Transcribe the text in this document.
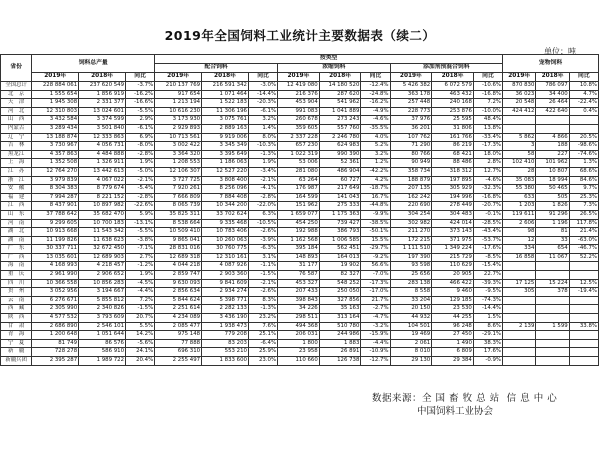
2019年全国饲料工业统计主要数据表（续二）
单位：吨
省份	饲料总产量			按类型									宠物饲料		
				配合饲料			浓缩饲料			添加剂预混合饲料					
	2019年	2018年	同比	2019年	2018年	同比	2019年	2018年	同比	2019年	2018年	同比	2019年	2018年	同比
全国总计	228 884 061	237 620 549	-3.7%	210 137 769	216 591 342	-3.0%	12 419 080	14 180 520	-12.4%	5 426 382	6 072 579	-10.6%	870 830	786 097	10.8%
北　京	1 555 654	1 856 919	-16.2%	917 654	1 071 464	-14.4%	216 376	287 620	-24.8%	363 178	463 432	-16.8%	36 023	34 400	4.7%
天　津	1 945 308	2 331 377	-16.6%	1 213 194	1 522 183	-20.3%	453 904	541 962	-16.2%	257 448	240 168	7.2%	20 548	26 464	-22.4%
河　北	12 310 803	13 024 601	-5.5%	10 616 230	11 306 196	-6.1%	991 083	1 041 889	-4.9%	228 773	253 876	-10.0%	424 412	422 640	0.4%
山　西	3 432 584	3 374 599	2.9%	3 173 930	3 075 761	3.2%	260 678	273 243	-4.6%	37 976	25 595	48.4%			
内蒙古	3 289 434	3 501 840	-6.1%	2 929 893	2 889 163	1.4%	359 605	557 760	-35.5%	36 201	31 806	13.8%			
辽　宁	13 188 874	12 333 863	6.9%	10 713 561	9 919 006	8.0%	2 337 228	2 246 780	4.0%	107 762	161 766	-33.4%	5 862	4 866	20.5%
吉　林	3 730 967	4 056 731	-8.0%	3 002 422	3 345 349	-10.3%	657 230	624 983	5.2%	71 290	86 219	-17.3%	3	188	-98.6%
黑龙江	4 357 863	4 484 888	-2.8%	3 364 320	3 395 649	-1.3%	1 022 319	990 390	3.2%	80 766	68 421	18.0%	58	227	-74.6%
上　海	1 352 508	1 326 911	1.9%	1 208 553	1 186 063	1.9%	53 006	52 361	1.2%	90 949	88 486	2.8%	102 410	101 962	1.3%
江　苏	12 764 270	13 442 613	-5.0%	12 106 307	12 527 220	-3.4%	281 080	486 904	-42.2%	358 734	318 312	12.7%	28	10 807	68.6%
浙　江	3 979 839	4 067 022	-2.1%	3 727 725	3 808 400	-2.1%	63 264	60 727	4.2%	188 879	197 895	-4.6%	35 083	18 994	84.6%
安　徽	8 304 383	8 779 674	-5.4%	7 920 261	8 256 096	-4.1%	176 987	217 649	-18.7%	207 135	305 929	-32.3%	55 380	50 465	9.7%
福　建	7 994 287	8 221 152	-2.8%	7 666 809	7 884 408	-2.8%	164 599	141 043	16.7%	162 242	194 996	-16.8%	633	505	25.3%
江　西	8 437 901	10 897 982	-22.6%	8 065 739	10 344 200	-22.0%	151 962	275 333	-44.8%	220 690	278 449	-20.7%	1 203	1 826	7.3%
山　东	37 788 642	35 682 470	5.9%	35 825 311	33 702 624	6.3%	1 659 077	1 175 363	-9.9%	304 254	304 483	-0.1%	119 611	91 296	26.5%
河　南	9 299 605	10 700 183	-13.1%	8 538 664	9 335 468	-10.5%	454 250	739 427	-38.5%	302 982	424 014	-28.5%	2 606	1 196	117.8%
湖　北	10 913 668	11 543 342	-5.5%	10 509 410	10 783 406	-2.6%	192 988	386 793	-50.1%	211 270	373 143	-43.4%	98	81	21.4%
湖　南	11 199 826	11 638 623	-3.8%	9 865 041	10 260 063	-3.9%	1 162 568	1 006 585	15.5%	172 215	371 975	-53.7%	12	33	-63.0%
广　东	30 337 711	32 672 450	-7.1%	28 831 016	30 760 775	-6.3%	395 184	562 451	-29.7%	1 111 510	1 349 224	-17.6%	334	654	-46.7%
广　西	13 035 601	12 689 903	2.7%	12 689 318	12 310 161	3.1%	148 893	164 013	-9.2%	197 390	215 729	-8.5%	16 858	11 067	52.2%
海　南	4 168 993	4 218 457	-1.2%	4 044 218	4 087 926	-1.1%	31 177	19 902	56.6%	93 598	110 629	-15.4%			
重　庆	2 961 990	2 906 652	1.9%	2 859 747	2 903 360	-1.5%	76 587	82 327	-7.0%	25 656	20 905	22.7%			
四　川	10 366 558	10 856 283	-4.5%	9 630 093	9 841 609	-2.1%	453 327	548 252	-17.3%	283 138	466 422	-39.3%	17 125	15 224	12.5%
贵　州	3 052 956	3 194 667	-4.4%	2 856 634	2 934 274	-2.6%	207 433	250 050	-17.0%	8 558	9 460	-9.5%	305	378	-19.4%
云　南	6 276 671	5 855 812	7.2%	5 844 624	5 398 771	8.3%	398 843	327 856	21.7%	33 204	129 185	-74.3%			
西　藏	2 305 990	2 340 826	-1.5%	2 251 614	2 282 133	-1.3%	34 226	35 163	-2.7%	20 150	23 530	-14.4%			
陕　西	4 577 532	3 793 609	20.7%	4 234 089	3 436 190	23.2%	298 511	313 164	-4.7%	44 932	44 255	1.5%			
甘　肃	2 686 890	2 546 101	5.5%	2 085 477	1 938 473	7.6%	494 368	510 780	-3.2%	104 501	96 248	8.6%	2 139	1 599	33.8%
青　海	1 200 648	1 051 644	14.2%	975 148	779 208	25.1%	206 031	244 986	-15.9%	19 469	27 450	-29.1%			
宁　夏	81 749	86 576	-5.6%	77 888	83 203	-6.4%	1 800	1 883	-4.4%	2 061	1 490	38.3%			
新　疆	728 278	586 910	24.1%	696 310	553 210	25.9%	23 958	26 891	-10.9%	8 010	6 809	17.6%			
新疆兵团	2 395 287	1 989 722	20.4%	2 255 497	1 833 600	23.0%	110 660	126 738	-12.7%	29 130	29 384	-0.9%			
数据来源：全 国 畜 牧 总 站 信 息 中 心
中国饲料工业协会
